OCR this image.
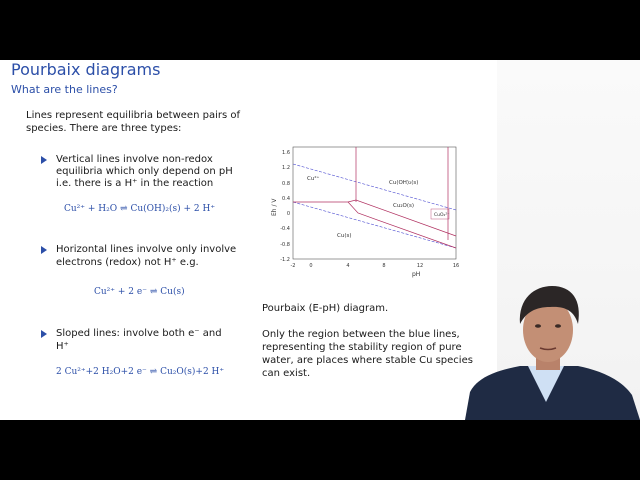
Pourbaix diagrams
What are the lines?
Lines represent equilibria between pairs of
species. There are three types:
Vertical lines involve non-redox
equilibria which only depend on pH
i.e. there is a H⁺ in the reaction
Cu²⁺ + H₂O ⇌ Cu(OH)₂(s) + 2 H⁺
Horizontal lines involve only involve
electrons (redox) not H⁺ e.g.
Cu²⁺ + 2 e⁻ ⇌ Cu(s)
Sloped lines: involve both e⁻ and
H⁺
2 Cu²⁺+2 H₂O+2 e⁻ ⇌ Cu₂O(s)+2 H⁺
Eh / V
1.6
1.2
0.8
0.4
0
-0.4
-0.8
-1.2
-2	0	4	8	12	16
pH
Cu²⁺
Cu(OH)₂(s)
Cu₂O(s)
Cu(s)
CuO₂²⁻
Pourbaix (E-pH) diagram.
Only the region between the blue lines,
representing the stability region of pure
water, are places where stable Cu species
can exist.
